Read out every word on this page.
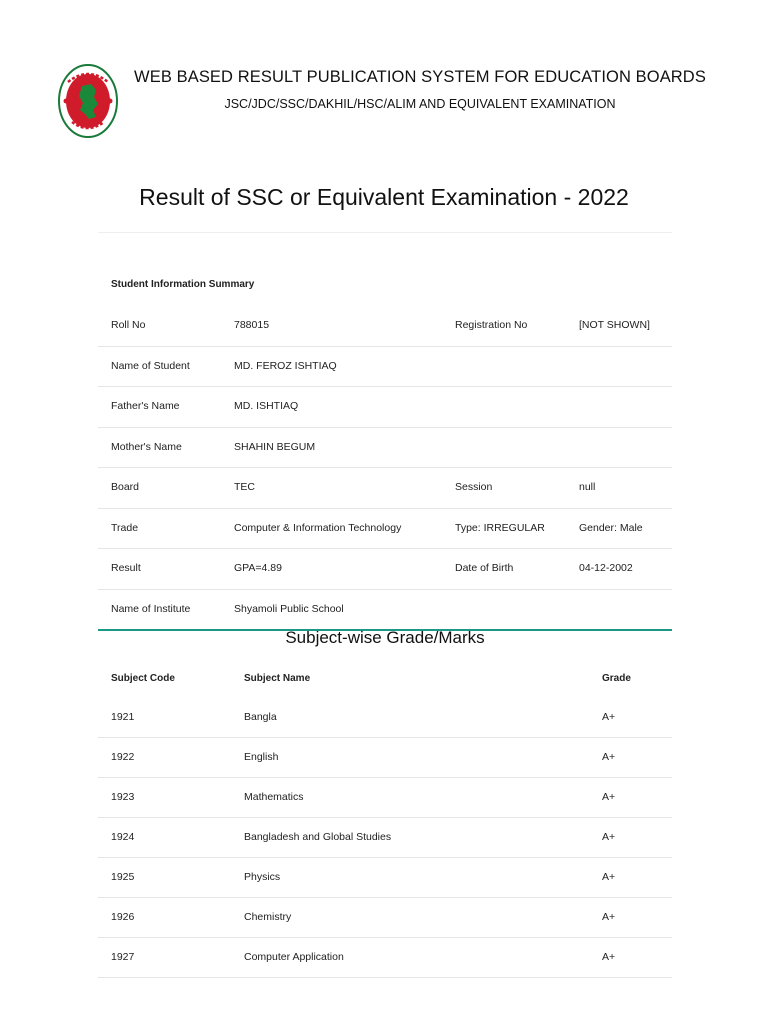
WEB BASED RESULT PUBLICATION SYSTEM FOR EDUCATION BOARDS
JSC/JDC/SSC/DAKHIL/HSC/ALIM AND EQUIVALENT EXAMINATION
Result of SSC or Equivalent Examination - 2022
Student Information Summary
Roll No	788015	Registration No	[NOT SHOWN]
Name of Student	MD. FEROZ ISHTIAQ
Father's Name	MD. ISHTIAQ
Mother's Name	SHAHIN BEGUM
Board	TEC	Session	null
Trade	Computer & Information Technology	Type: IRREGULAR	Gender: Male
Result	GPA=4.89	Date of Birth	04-12-2002
Name of Institute	Shyamoli Public School
Subject-wise Grade/Marks
Subject Code	Subject Name	Grade
1921	Bangla	A+
1922	English	A+
1923	Mathematics	A+
1924	Bangladesh and Global Studies	A+
1925	Physics	A+
1926	Chemistry	A+
1927	Computer Application	A+
